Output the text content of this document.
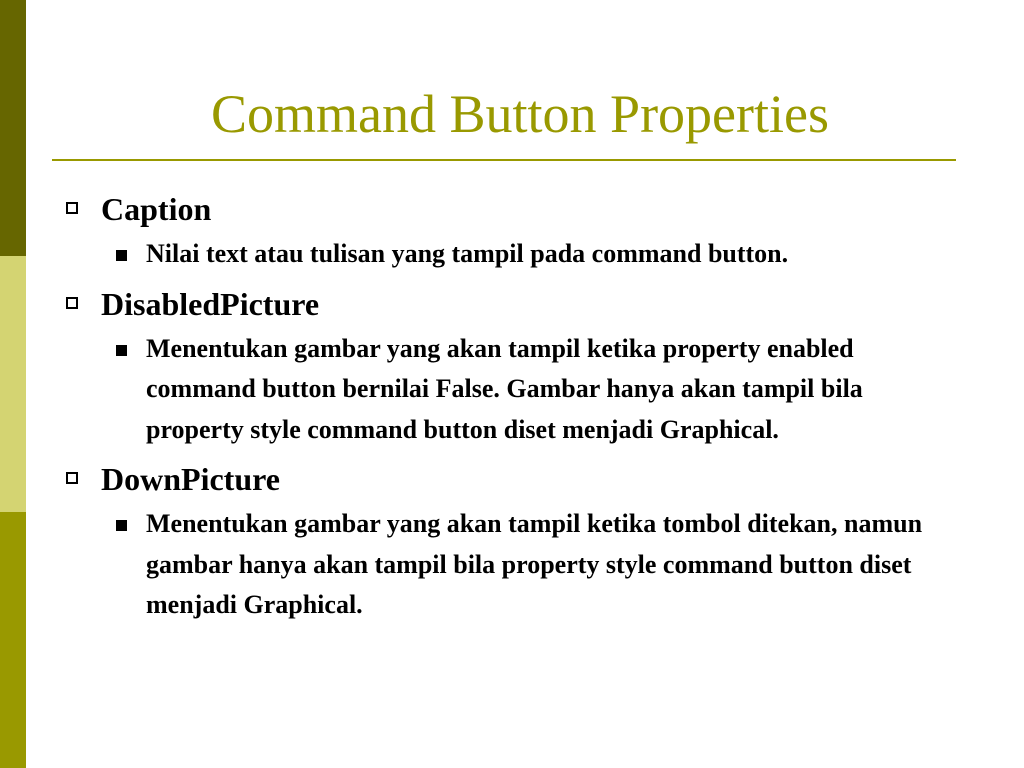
Command Button Properties
Caption
Nilai text atau tulisan yang tampil pada command button.
DisabledPicture
Menentukan gambar yang akan tampil ketika property enabled command button bernilai False. Gambar hanya akan tampil bila property style command button diset menjadi Graphical.
DownPicture
Menentukan gambar yang akan tampil ketika tombol ditekan, namun gambar hanya akan tampil bila property style command button diset menjadi Graphical.
